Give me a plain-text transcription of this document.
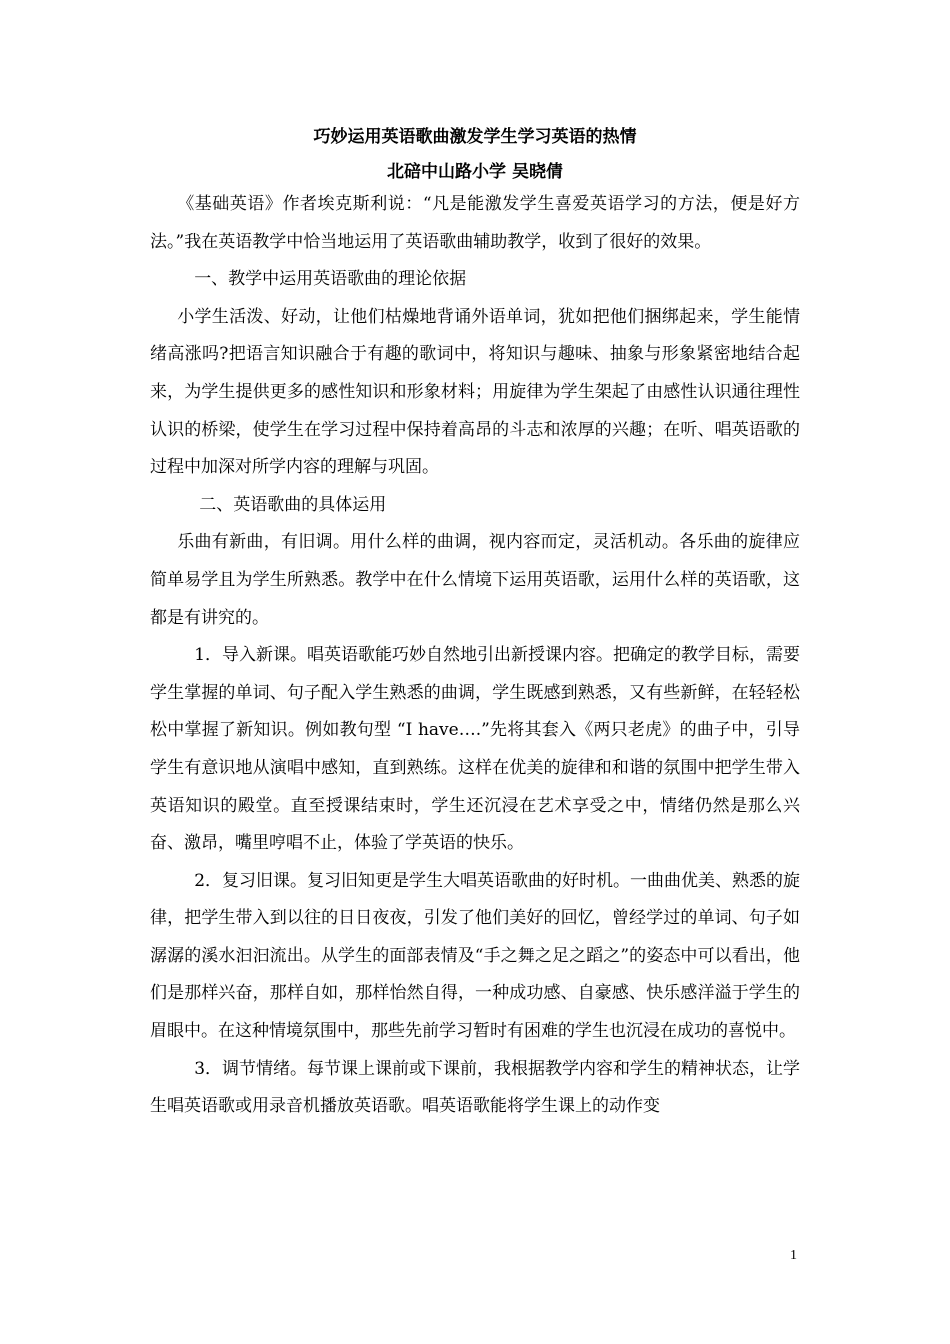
巧妙运用英语歌曲激发学生学习英语的热情
北碚中山路小学 吴晓倩

《基础英语》作者埃克斯利说：“凡是能激发学生喜爱英语学习的方法，便是好方法。”我在英语教学中恰当地运用了英语歌曲辅助教学，收到了很好的效果。

一、教学中运用英语歌曲的理论依据

小学生活泼、好动，让他们枯燥地背诵外语单词，犹如把他们捆绑起来，学生能情绪高涨吗?把语言知识融合于有趣的歌词中，将知识与趣味、抽象与形象紧密地结合起来，为学生提供更多的感性知识和形象材料；用旋律为学生架起了由感性认识通往理性认识的桥梁，使学生在学习过程中保持着高昂的斗志和浓厚的兴趣；在听、唱英语歌的过程中加深对所学内容的理解与巩固。

二、英语歌曲的具体运用

乐曲有新曲，有旧调。用什么样的曲调，视内容而定，灵活机动。各乐曲的旋律应简单易学且为学生所熟悉。教学中在什么情境下运用英语歌，运用什么样的英语歌，这都是有讲究的。

1．导入新课。唱英语歌能巧妙自然地引出新授课内容。把确定的教学目标，需要学生掌握的单词、句子配入学生熟悉的曲调，学生既感到熟悉，又有些新鲜，在轻轻松松中掌握了新知识。例如教句型 “I have….”先将其套入《两只老虎》的曲子中，引导学生有意识地从演唱中感知，直到熟练。这样在优美的旋律和和谐的氛围中把学生带入英语知识的殿堂。直至授课结束时，学生还沉浸在艺术享受之中，情绪仍然是那么兴奋、激昂，嘴里哼唱不止，体验了学英语的快乐。

2．复习旧课。复习旧知更是学生大唱英语歌曲的好时机。一曲曲优美、熟悉的旋律，把学生带入到以往的日日夜夜，引发了他们美好的回忆，曾经学过的单词、句子如潺潺的溪水汩汩流出。从学生的面部表情及“手之舞之足之蹈之”的姿态中可以看出，他们是那样兴奋，那样自如，那样怡然自得，一种成功感、自豪感、快乐感洋溢于学生的眉眼中。在这种情境氛围中，那些先前学习暂时有困难的学生也沉浸在成功的喜悦中。

3．调节情绪。每节课上课前或下课前，我根据教学内容和学生的精神状态，让学生唱英语歌或用录音机播放英语歌。唱英语歌能将学生课上的动作变

1
